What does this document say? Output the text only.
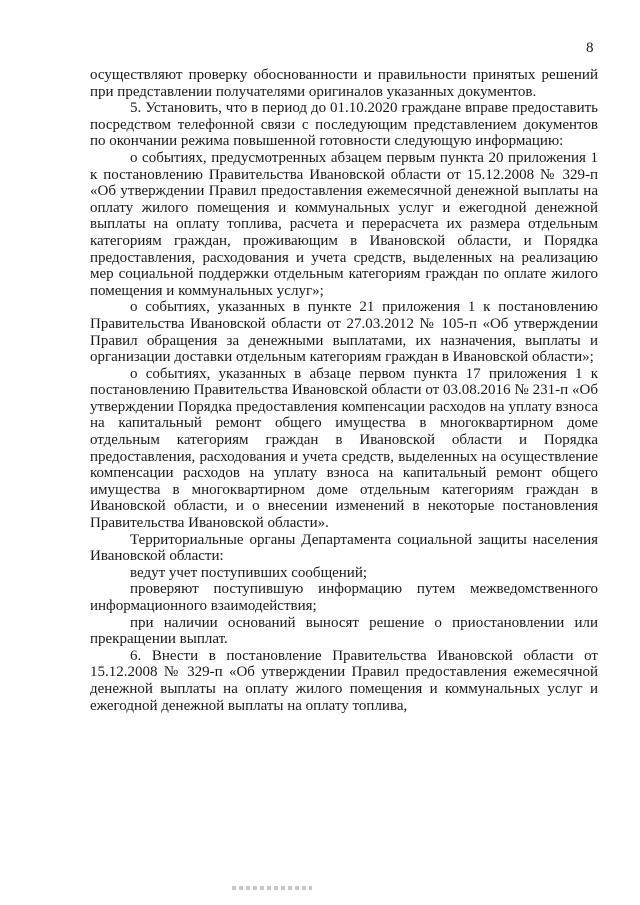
8

осуществляют проверку обоснованности и правильности принятых решений при представлении получателями оригиналов указанных документов.

5. Установить, что в период до 01.10.2020 граждане вправе предоставить посредством телефонной связи с последующим представлением документов по окончании режима повышенной готовности следующую информацию:

о событиях, предусмотренных абзацем первым пункта 20 приложения 1 к постановлению Правительства Ивановской области от 15.12.2008 № 329-п «Об утверждении Правил предоставления ежемесячной денежной выплаты на оплату жилого помещения и коммунальных услуг и ежегодной денежной выплаты на оплату топлива, расчета и перерасчета их размера отдельным категориям граждан, проживающим в Ивановской области, и Порядка предоставления, расходования и учета средств, выделенных на реализацию мер социальной поддержки отдельным категориям граждан по оплате жилого помещения и коммунальных услуг»;

о событиях, указанных в пункте 21 приложения 1 к постановлению Правительства Ивановской области от 27.03.2012 № 105-п «Об утверждении Правил обращения за денежными выплатами, их назначения, выплаты и организации доставки отдельным категориям граждан в Ивановской области»;

о событиях, указанных в абзаце первом пункта 17 приложения 1 к постановлению Правительства Ивановской области от 03.08.2016 № 231-п «Об утверждении Порядка предоставления компенсации расходов на уплату взноса на капитальный ремонт общего имущества в многоквартирном доме отдельным категориям граждан в Ивановской области и Порядка предоставления, расходования и учета средств, выделенных на осуществление компенсации расходов на уплату взноса на капитальный ремонт общего имущества в многоквартирном доме отдельным категориям граждан в Ивановской области, и о внесении изменений в некоторые постановления Правительства Ивановской области».

Территориальные органы Департамента социальной защиты населения Ивановской области:

ведут учет поступивших сообщений;

проверяют поступившую информацию путем межведомственного информационного взаимодействия;

при наличии оснований выносят решение о приостановлении или прекращении выплат.

6. Внести в постановление Правительства Ивановской области от 15.12.2008 № 329-п «Об утверждении Правил предоставления ежемесячной денежной выплаты на оплату жилого помещения и коммунальных услуг и ежегодной денежной выплаты на оплату топлива,
